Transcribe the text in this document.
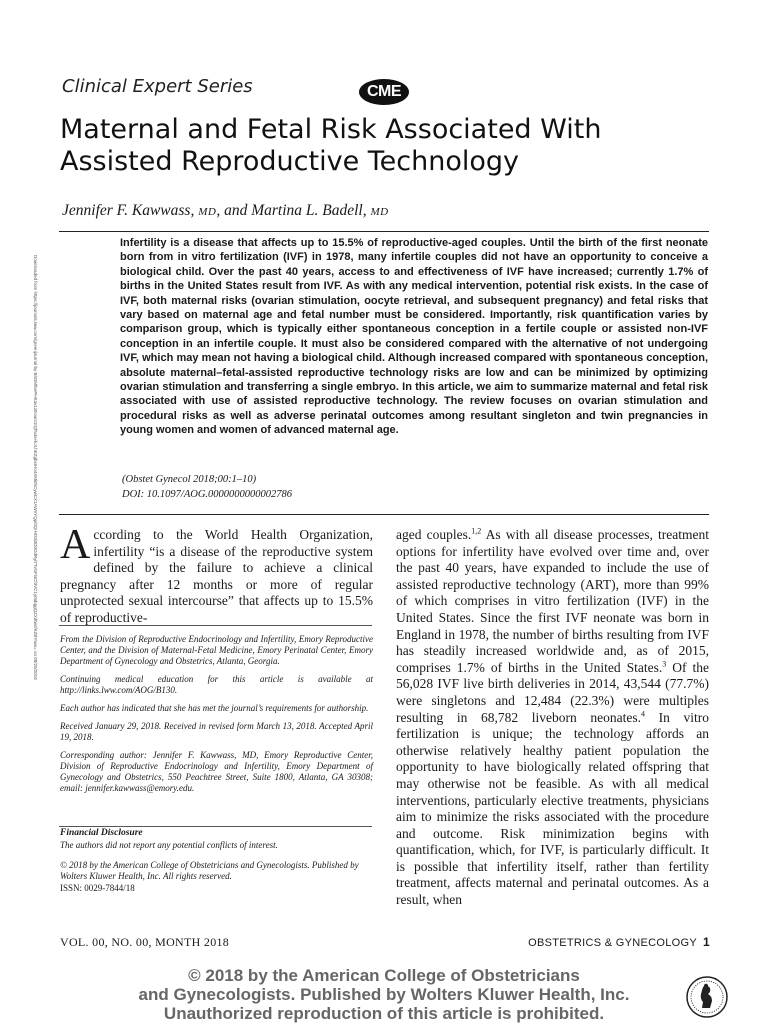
Clinical Expert Series	CME
Maternal and Fetal Risk Associated With
Assisted Reproductive Technology
Jennifer F. Kawwass, MD, and Martina L. Badell, MD
Infertility is a disease that affects up to 15.5% of reproductive-aged couples. Until the birth of the first neonate born from in vitro fertilization (IVF) in 1978, many infertile couples did not have an opportunity to conceive a biological child. Over the past 40 years, access to and effectiveness of IVF have increased; currently 1.7% of births in the United States result from IVF. As with any medical intervention, potential risk exists. In the case of IVF, both maternal risks (ovarian stimulation, oocyte retrieval, and subsequent pregnancy) and fetal risks that vary based on maternal age and fetal number must be considered. Importantly, risk quantification varies by comparison group, which is typically either spontaneous conception in a fertile couple or assisted non-IVF conception in an infertile couple. It must also be considered compared with the alternative of not undergoing IVF, which may mean not having a biological child. Although increased compared with spontaneous conception, absolute maternal–fetal-assisted reproductive technology risks are low and can be minimized by optimizing ovarian stimulation and transferring a single embryo. In this article, we aim to summarize maternal and fetal risk associated with use of assisted reproductive technology. The review focuses on ovarian stimulation and procedural risks as well as adverse perinatal outcomes among resultant singleton and twin pregnancies in young women and women of advanced maternal age.
(Obstet Gynecol 2018;00:1–10)
DOI: 10.1097/AOG.0000000000002786
Downloaded from https://journals.lww.com/greenjournal by BhDMf5ePHKav1zEoum1tQfN4a+kJLhEZgbsIHo4XMi0hCywCX1AWnYQp/IlQrHD3i3D0OdRyi7TvSFl4Cf3VC1y0abggQZXdtwnfKZBYtws= on 08/29/2018 According to the World Health Organization, infertility “is a disease of the reproductive system defined by the failure to achieve a clinical pregnancy after 12 months or more of regular unprotected sexual intercourse” that affects up to 15.5% of reproductive-

From the Division of Reproductive Endocrinology and Infertility, Emory Reproductive Center, and the Division of Maternal-Fetal Medicine, Emory Perinatal Center, Emory Department of Gynecology and Obstetrics, Atlanta, Georgia.

Continuing medical education for this article is available at http://links.lww.com/AOG/B130.

Each author has indicated that she has met the journal’s requirements for authorship.

Received January 29, 2018. Received in revised form March 13, 2018. Accepted April 19, 2018.

Corresponding author: Jennifer F. Kawwass, MD, Emory Reproductive Center, Division of Reproductive Endocrinology and Infertility, Emory Department of Gynecology and Obstetrics, 550 Peachtree Street, Suite 1800, Atlanta, GA 30308; email: jennifer.kawwass@emory.edu.

Financial Disclosure
The authors did not report any potential conflicts of interest.
© 2018 by the American College of Obstetricians and Gynecologists. Published by Wolters Kluwer Health, Inc. All rights reserved.
ISSN: 0029-7844/18
aged couples.$^{1,2}$ As with all disease processes, treatment options for infertility have evolved over time and, over the past 40 years, have expanded to include the use of assisted reproductive technology (ART), more than 99% of which comprises in vitro fertilization (IVF) in the United States. Since the first IVF neonate was born in England in 1978, the number of births resulting from IVF has steadily increased worldwide and, as of 2015, comprises 1.7% of births in the United States.$^3$ Of the 56,028 IVF live birth deliveries in 2014, 43,544 (77.7%) were singletons and 12,484 (22.3%) were multiples resulting in 68,782 liveborn neonates.$^4$ In vitro fertilization is unique; the technology affords an otherwise relatively healthy patient population the opportunity to have biologically related offspring that may otherwise not be feasible. As with all medical interventions, particularly elective treatments, physicians aim to minimize the risks associated with the procedure and outcome. Risk minimization begins with quantification, which, for IVF, is particularly difficult. It is possible that infertility itself, rather than fertility treatment, affects maternal and perinatal outcomes. As a result, when
VOL. 00, NO. 00, MONTH 2018	OBSTETRICS & GYNECOLOGY 1
© 2018 by the American College of Obstetricians
and Gynecologists. Published by Wolters Kluwer Health, Inc.
Unauthorized reproduction of this article is prohibited.
